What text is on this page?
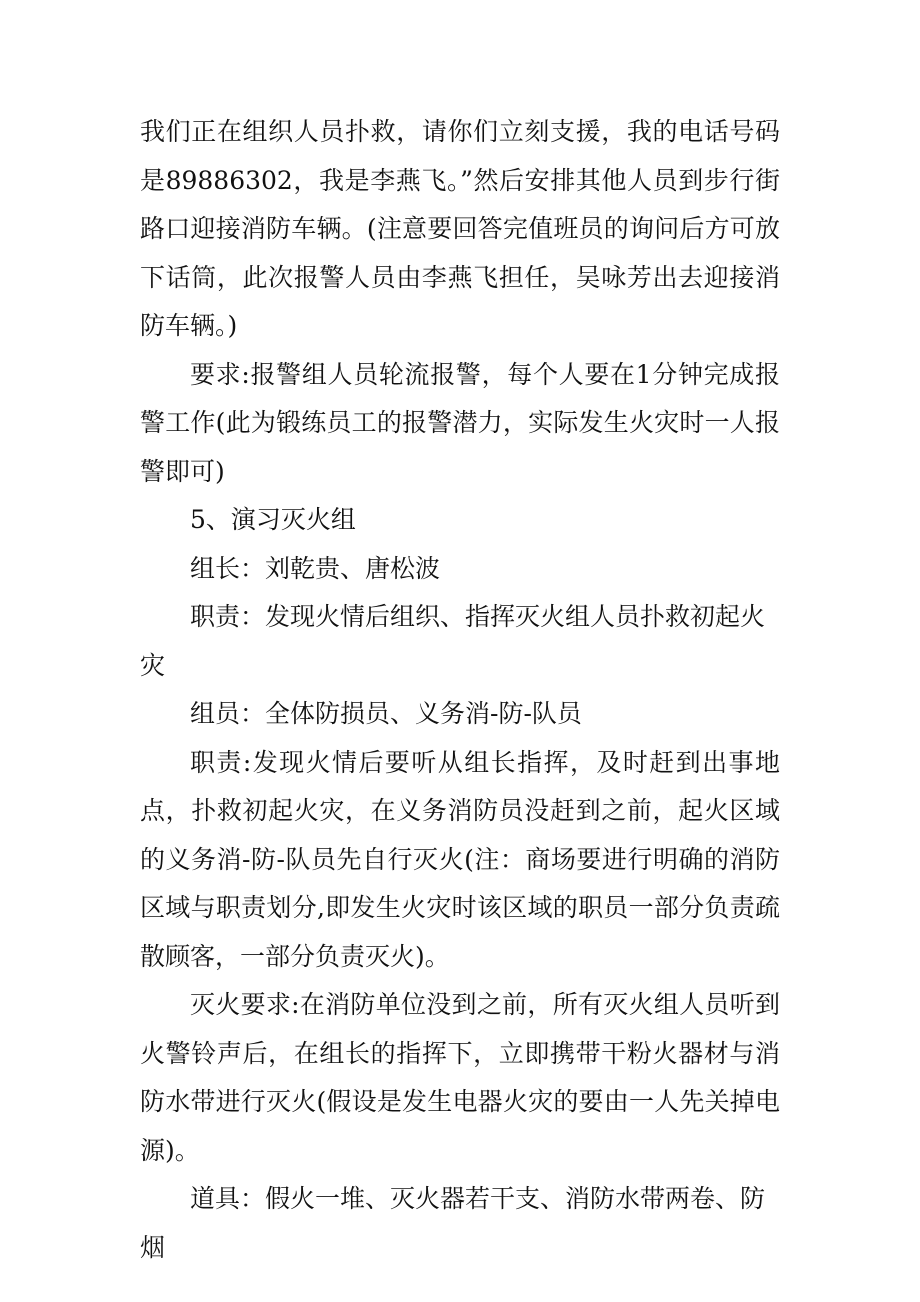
我们正在组织人员扑救，请你们立刻支援，我的电话号码是89886302，我是李燕飞。”然后安排其他人员到步行街路口迎接消防车辆。(注意要回答完值班员的询问后方可放下话筒，此次报警人员由李燕飞担任，吴咏芳出去迎接消防车辆。)

要求:报警组人员轮流报警，每个人要在1分钟完成报警工作(此为锻练员工的报警潜力，实际发生火灾时一人报警即可)

5、演习灭火组

组长：刘乾贵、唐松波

职责：发现火情后组织、指挥灭火组人员扑救初起火灾

组员：全体防损员、义务消-防-队员

职责:发现火情后要听从组长指挥，及时赶到出事地点，扑救初起火灾，在义务消防员没赶到之前，起火区域的义务消-防-队员先自行灭火(注：商场要进行明确的消防区域与职责划分,即发生火灾时该区域的职员一部分负责疏散顾客，一部分负责灭火)。

灭火要求:在消防单位没到之前，所有灭火组人员听到火警铃声后，在组长的指挥下，立即携带干粉火器材与消防水带进行灭火(假设是发生电器火灾的要由一人先关掉电源)。

道具：假火一堆、灭火器若干支、消防水带两卷、防烟
